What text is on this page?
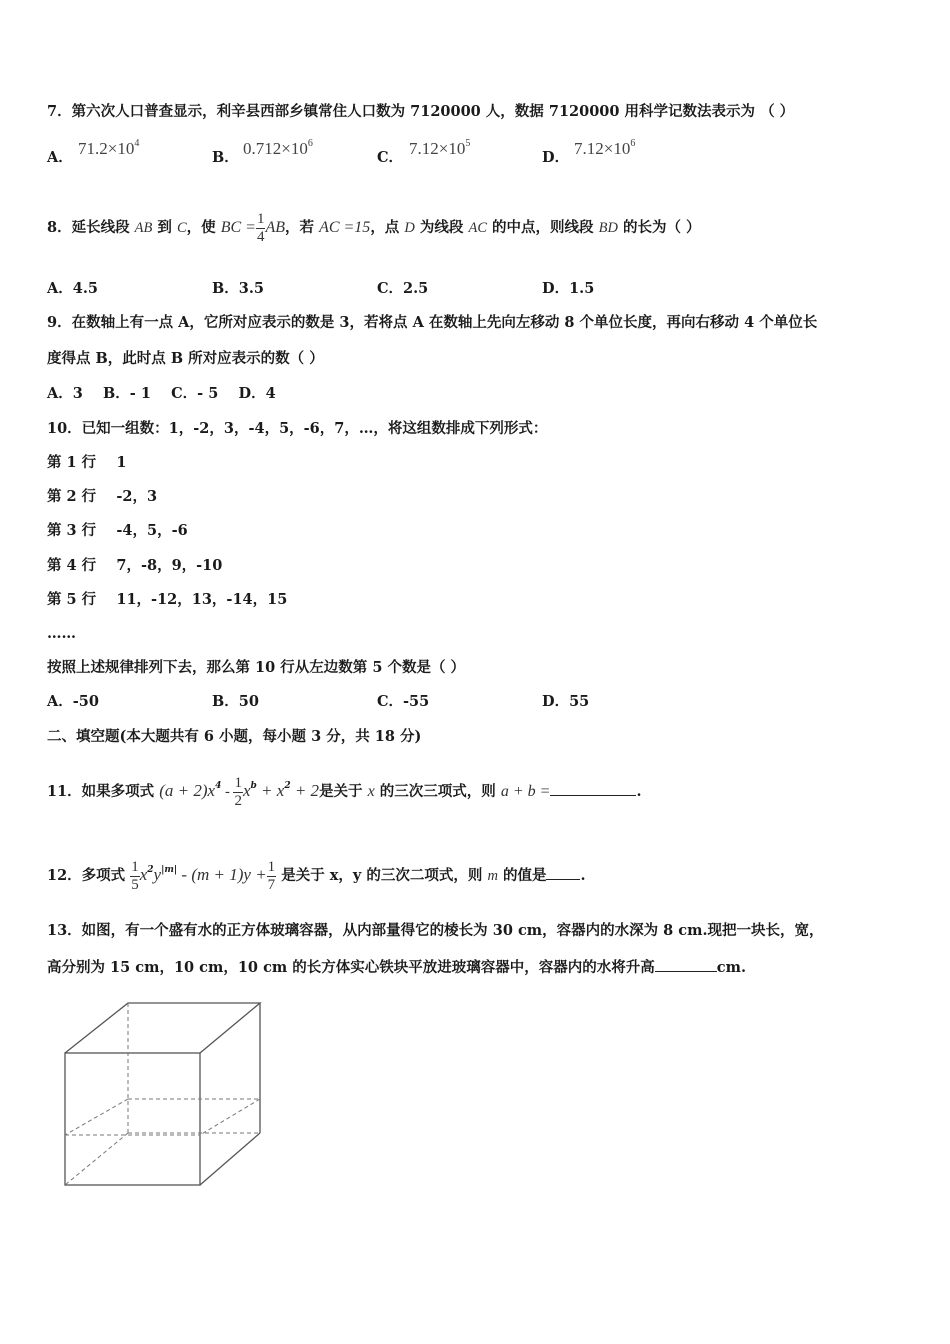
7．第六次人口普查显示，利辛县西部乡镇常住人口数为 7120000 人，数据 7120000 用科学记数法表示为 （ ）
A． $71.2\times 10^4$
B． $0.712\times 10^6$
C． $7.12\times 10^5$
D． $7.12\times 10^6$
8．延长线段 AB 到 C，使 BC = $\frac{1}{4}$ AB，若 AC =15，点 D 为线段 AC 的中点，则线段 BD 的长为（ ）
A．4.5	B．3.5	C．2.5	D．1.5
9．在数轴上有一点 A，它所对应表示的数是 3，若将点 A 在数轴上先向左移动 8 个单位长度，再向右移动 4 个单位长
度得点 B，此时点 B 所对应表示的数（ ）
A．3    B．- 1    C．- 5    D．4
10．已知一组数：1，-2，3，-4，5，-6，7，…，将这组数排成下列形式：
第 1 行    1
第 2 行    -2，3
第 3 行    -4，5，-6
第 4 行    7，-8，9，-10
第 5 行    11，-12，13，-14，15
……
按照上述规律排列下去，那么第 10 行从左边数第 5 个数是（ ）
A．-50	B．50	C．-55	D．55
二、填空题(本大题共有 6 小题，每小题 3 分，共 18 分)
11．如果多项式 $(a + 2)x^4 - \frac{1}{2} x^b + x^2 + 2$是关于 x 的三次三项式，则 a + b =	.
12．多项式 $\frac{1}{5} x^2y^{|m|} - (m + 1)y + \frac{1}{7}$ 是关于 x，y 的三次二项式，则 m 的值是 .
13．如图，有一个盛有水的正方体玻璃容器，从内部量得它的棱长为 30 cm，容器内的水深为 8 cm.现把一块长，宽，
高分别为 15 cm，10 cm，10 cm 的长方体实心铁块平放进玻璃容器中，容器内的水将升高	cm.
